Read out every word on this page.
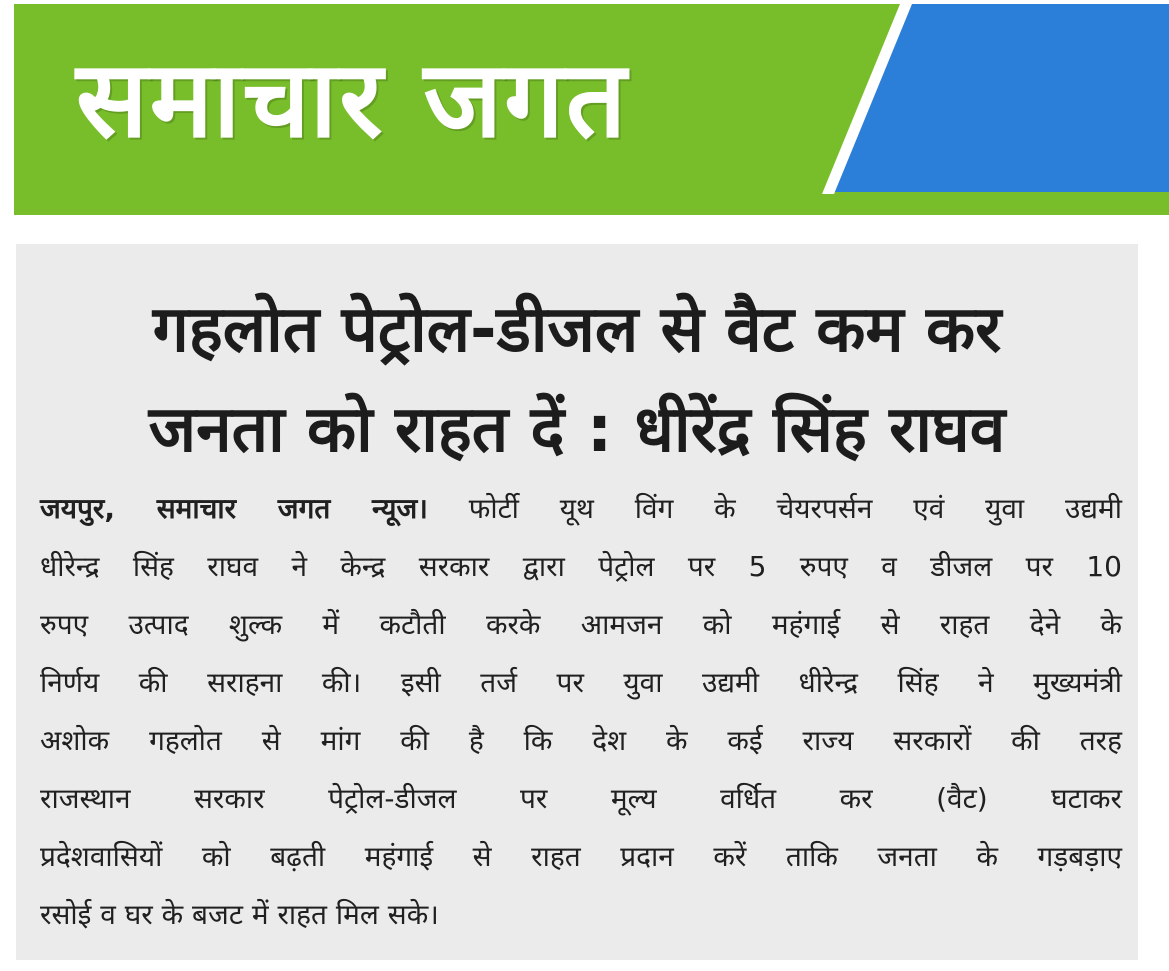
समाचार जगत
गहलोत पेट्रोल-डीजल से वैट कम कर
जनता को राहत दें : धीरेंद्र सिंह राघव

जयपुर, समाचार जगत न्यूज। फोर्टी यूथ विंग के चेयरपर्सन एवं युवा उद्यमी
धीरेन्द्र सिंह राघव ने केन्द्र सरकार द्वारा पेट्रोल पर 5 रुपए व डीजल पर 10
रुपए उत्पाद शुल्क में कटौती करके आमजन को महंगाई से राहत देने के
निर्णय की सराहना की। इसी तर्ज पर युवा उद्यमी धीरेन्द्र सिंह ने मुख्यमंत्री
अशोक गहलोत से मांग की है कि देश के कई राज्य सरकारों की तरह
राजस्थान सरकार पेट्रोल-डीजल पर मूल्य वर्धित कर (वैट) घटाकर
प्रदेशवासियों को बढ़ती महंगाई से राहत प्रदान करें ताकि जनता के गड़बड़ाए
रसोई व घर के बजट में राहत मिल सके।
